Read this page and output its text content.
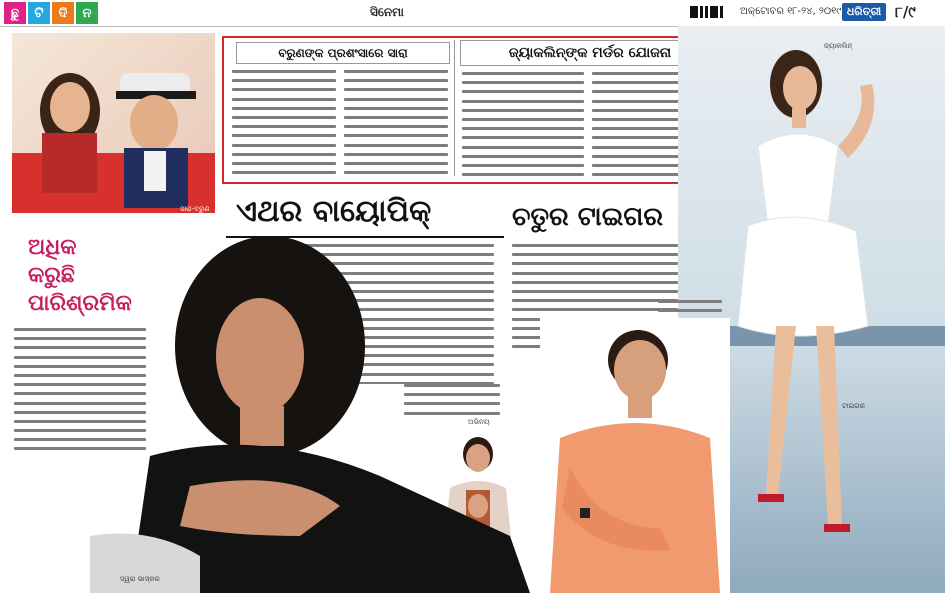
ଛୁ	ଟି	ଦି	ନ	ସିନେମା	ଅକ୍ଟୋବର ୧୮-୨୪, ୨୦୧୯ ଧରିତ୍ରୀ ୮/୯
ସାରା-ବରୁଣ
ବରୁଣଙ୍କ ପ୍ରଶଂସାରେ ସାରା	ଜ୍ୟାକଲିନ୍‌ଙ୍କ ମର୍ଡର ଯୋଜନା	ଜ୍ୟାକଲିନ୍
ଏଥର ବାୟୋପିକ୍	ଚତୁର ଟାଇଗର
ଅଭିନୟ
ଟାଇଗର
ଅଧିକ
କରୁଛି
ପାରିଶ୍ରମିକ
ସ୍ୱରା ଭାସ୍କର
